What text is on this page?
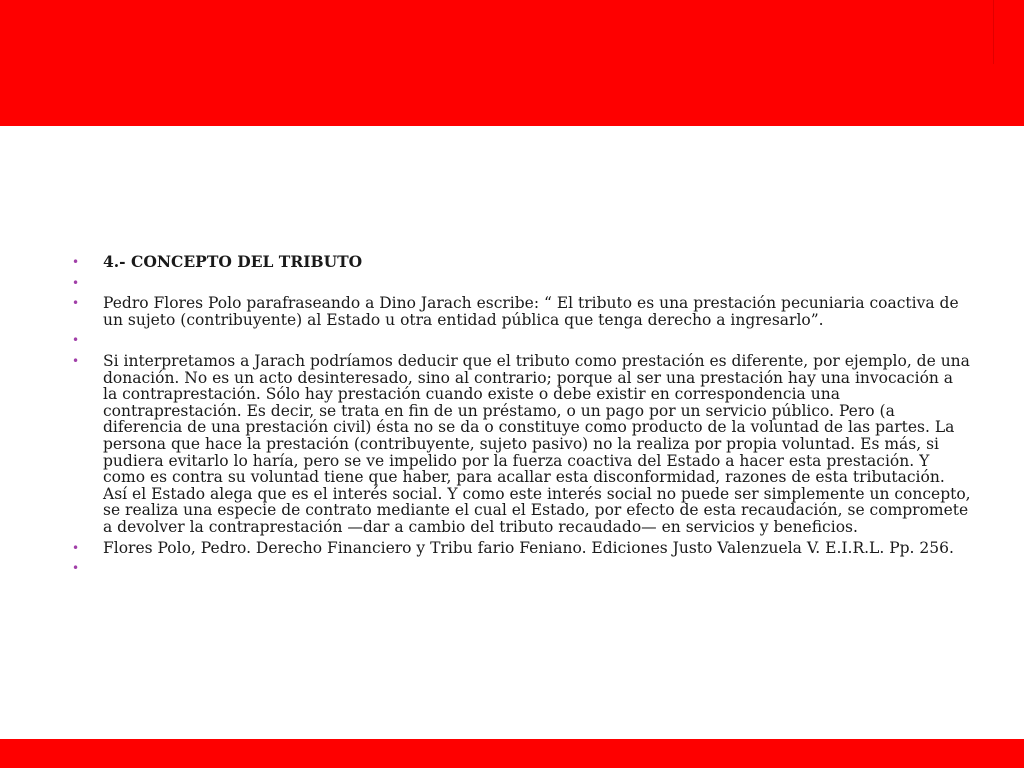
• 4.- CONCEPTO DEL TRIBUTO
•
• Pedro Flores Polo parafraseando a Dino Jarach escribe: “ El tributo es una prestación pecuniaria coactiva de un sujeto (contribuyente) al Estado u otra entidad pública que tenga derecho a ingresarlo”.
•
• Si interpretamos a Jarach podríamos deducir que el tributo como prestación es diferente, por ejemplo, de una donación. No es un acto desinteresado, sino al contrario; porque al ser una prestación hay una invocación a la contraprestación. Sólo hay prestación cuando existe o debe existir en correspondencia una contraprestación. Es decir, se trata en fin de un préstamo, o un pago por un servicio público. Pero (a diferencia de una prestación civil) ésta no se da o constituye como producto de la voluntad de las partes. La persona que hace la prestación (contribuyente, sujeto pasivo) no la realiza por propia voluntad. Es más, si pudiera evitarlo lo haría, pero se ve impelido por la fuerza coactiva del Estado a hacer esta prestación. Y como es contra su voluntad tiene que haber, para acallar esta disconformidad, razones de esta tributación. Así el Estado alega que es el interés social. Y como este interés social no puede ser simplemente un concepto, se realiza una especie de contrato mediante el cual el Estado, por efecto de esta recaudación, se compromete a devolver la contraprestación —dar a cambio del tributo recaudado— en servicios y beneficios.
• Flores Polo, Pedro. Derecho Financiero y Tribu fario Feniano. Ediciones Justo Valenzuela V. E.I.R.L. Pp. 256.
•
